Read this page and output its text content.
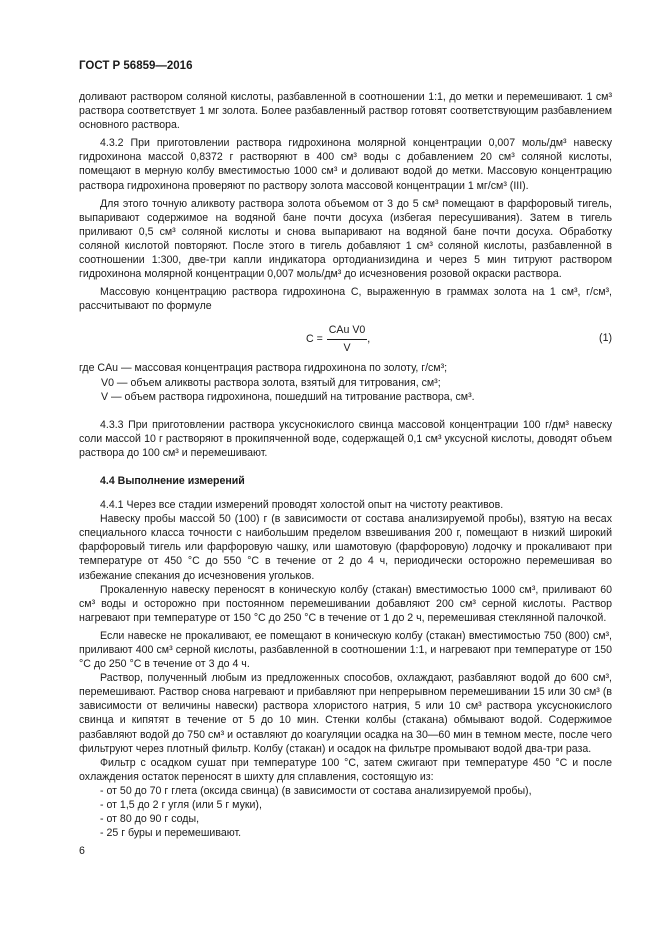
ГОСТ Р 56859—2016

доливают раствором соляной кислоты, разбавленной в соотношении 1:1, до метки и перемешивают. 1 см³ раствора соответствует 1 мг золота. Более разбавленный раствор готовят соответствующим разбавлением основного раствора.

4.3.2 При приготовлении раствора гидрохинона молярной концентрации 0,007 моль/дм³ навеску гидрохинона массой 0,8372 г растворяют в 400 см³ воды с добавлением 20 см³ соляной кислоты, помещают в мерную колбу вместимостью 1000 см³ и доливают водой до метки. Массовую концентрацию раствора гидрохинона проверяют по раствору золота массовой концентрации 1 мг/см³ (III).

Для этого точную аликвоту раствора золота объемом от 3 до 5 см³ помещают в фарфоровый тигель, выпаривают содержимое на водяной бане почти досуха (избегая пересушивания). Затем в тигель приливают 0,5 см³ соляной кислоты и снова выпаривают на водяной бане почти досуха. Обработку соляной кислотой повторяют. После этого в тигель добавляют 1 см³ соляной кислоты, разбавленной в соотношении 1:300, две-три капли индикатора ортодианизидина и через 5 мин титруют раствором гидрохинона молярной концентрации 0,007 моль/дм³ до исчезновения розовой окраски раствора.

Массовую концентрацию раствора гидрохинона C, выраженную в граммах золота на 1 см³, г/см³, рассчитывают по формуле

$C = \frac{\text{CAu V0}}{V}$ ,	(1)

где CAu — массовая концентрация раствора гидрохинона по золоту, г/см³;

V0 — объем аликвоты раствора золота, взятый для титрования, см³;

V — объем раствора гидрохинона, пошедший на титрование раствора, см³.

4.3.3 При приготовлении раствора уксуснокислого свинца массовой концентрации 100 г/дм³ навеску соли массой 10 г растворяют в прокипяченной воде, содержащей 0,1 см³ уксусной кислоты, доводят объем раствора до 100 см³ и перемешивают.

4.4 Выполнение измерений

4.4.1 Через все стадии измерений проводят холостой опыт на чистоту реактивов.

Навеску пробы массой 50 (100) г (в зависимости от состава анализируемой пробы), взятую на весах специального класса точности с наибольшим пределом взвешивания 200 г, помещают в низкий широкий фарфоровый тигель или фарфоровую чашку, или шамотовую (фарфоровую) лодочку и прокаливают при температуре от 450 °С до 550 °С в течение от 2 до 4 ч, периодически осторожно перемешивая во избежание спекания до исчезновения угольков.

Прокаленную навеску переносят в коническую колбу (стакан) вместимостью 1000 см³, приливают 60 см³ воды и осторожно при постоянном перемешивании добавляют 200 см³ серной кислоты. Раствор нагревают при температуре от 150 °С до 250 °С в течение от 1 до 2 ч, перемешивая стеклянной палочкой.

Если навеске не прокаливают, ее помещают в коническую колбу (стакан) вместимостью 750 (800) см³, приливают 400 см³ серной кислоты, разбавленной в соотношении 1:1, и нагревают при температуре от 150 °С до 250 °С в течение от 3 до 4 ч.

Раствор, полученный любым из предложенных способов, охлаждают, разбавляют водой до 600 см³, перемешивают. Раствор снова нагревают и прибавляют при непрерывном перемешивании 15 или 30 см³ (в зависимости от величины навески) раствора хлористого натрия, 5 или 10 см³ раствора уксуснокислого свинца и кипятят в течение от 5 до 10 мин. Стенки колбы (стакана) обмывают водой. Содержимое разбавляют водой до 750 см³ и оставляют до коагуляции осадка на 30—60 мин в темном месте, после чего фильтруют через плотный фильтр. Колбу (стакан) и осадок на фильтре промывают водой два-три раза.

Фильтр с осадком сушат при температуре 100 °С, затем сжигают при температуре 450 °С и после охлаждения остаток переносят в шихту для сплавления, состоящую из:

- от 50 до 70 г глета (оксида свинца) (в зависимости от состава анализируемой пробы),
- от 1,5 до 2 г угля (или 5 г муки),
- от 80 до 90 г соды,
- 25 г буры и перемешивают.
6
